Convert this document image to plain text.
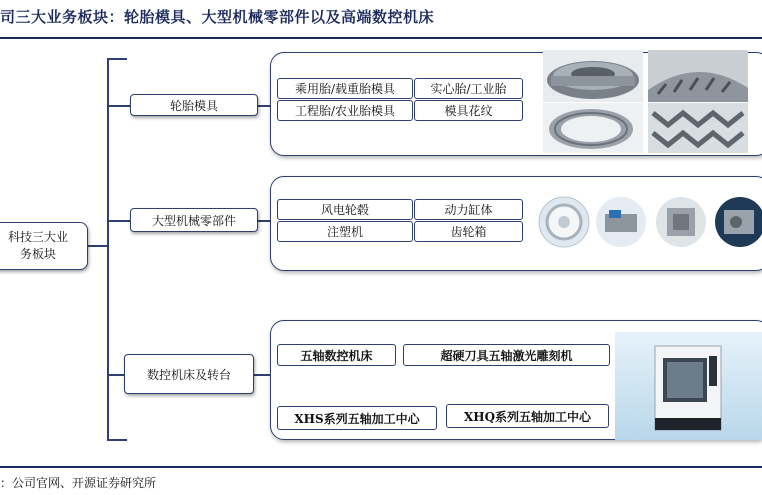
司三大业务板块：轮胎模具、大型机械零部件以及高端数控机床
科技三大业
务板块
轮胎模具
大型机械零部件
数控机床及转台
乘用胎/载重胎模具	实心胎/工业胎
工程胎/农业胎模具	模具花纹
风电轮毂	动力缸体
注塑机	齿轮箱
五轴数控机床	超硬刀具五轴激光雕刻机
XHS系列五轴加工中心	XHQ系列五轴加工中心
：公司官网、开源证券研究所
